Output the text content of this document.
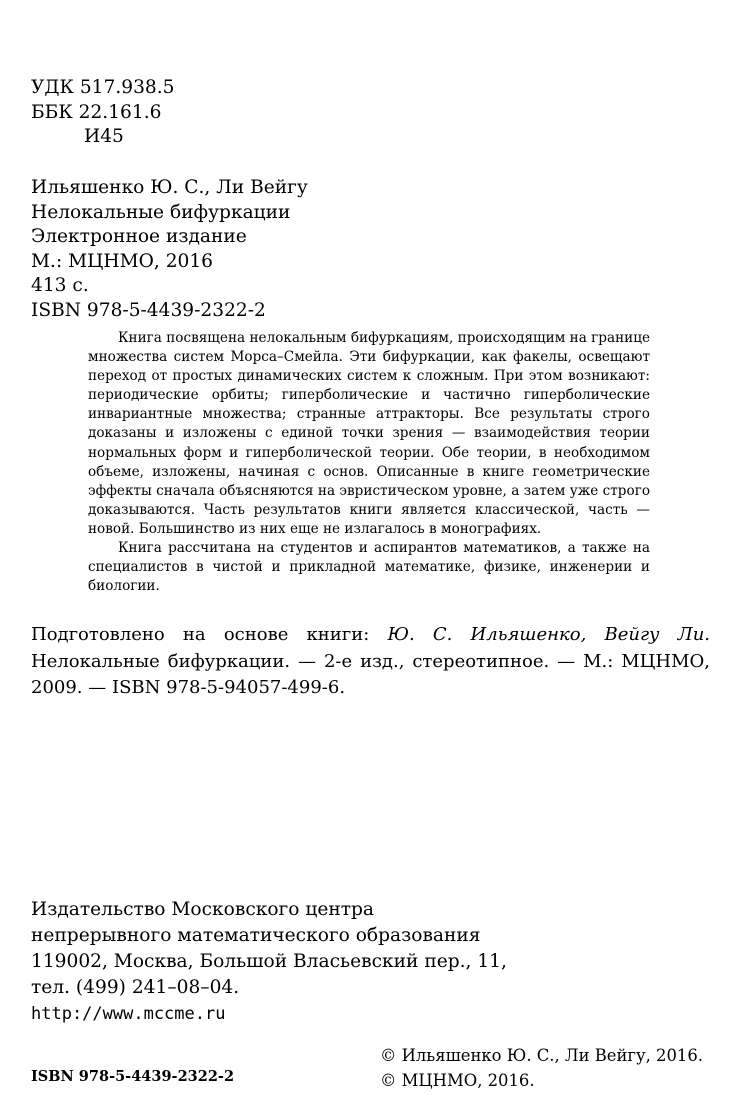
УДК 517.938.5
ББК 22.161.6
И45
Ильяшенко Ю. С., Ли Вейгу
Нелокальные бифуркации
Электронное издание
М.: МЦНМО, 2016
413 с.
ISBN 978-5-4439-2322-2

Книга посвящена нелокальным бифуркациям, происходящим на границе множества систем Морса–Смейла. Эти бифуркации, как факелы, освещают переход от простых динамических систем к сложным. При этом возникают: периодические орбиты; гиперболические и частично гиперболические инвариантные множества; странные аттракторы. Все результаты строго доказаны и изложены с единой точки зрения — взаимодействия теории нормальных форм и гиперболической теории. Обе теории, в необходимом объеме, изложены, начиная с основ. Описанные в книге геометрические эффекты сначала объясняются на эвристическом уровне, а затем уже строго доказываются. Часть результатов книги является классической, часть — новой. Большинство из них еще не излагалось в монографиях.

Книга рассчитана на студентов и аспирантов математиков, а также на специалистов в чистой и прикладной математике, физике, инженерии и биологии.

Подготовлено на основе книги: Ю. С. Ильяшенко, Вейгу Ли. Нелокальные бифуркации. — 2-е изд., стереотипное. — М.: МЦНМО, 2009. — ISBN 978-5-94057-499-6.
Издательство Московского центра
непрерывного математического образования
119002, Москва, Большой Власьевский пер., 11,
тел. (499) 241–08–04.
http://www.mccme.ru
ISBN 978-5-4439-2322-2
© Ильяшенко Ю. С., Ли Вейгу, 2016.
© МЦНМО, 2016.
